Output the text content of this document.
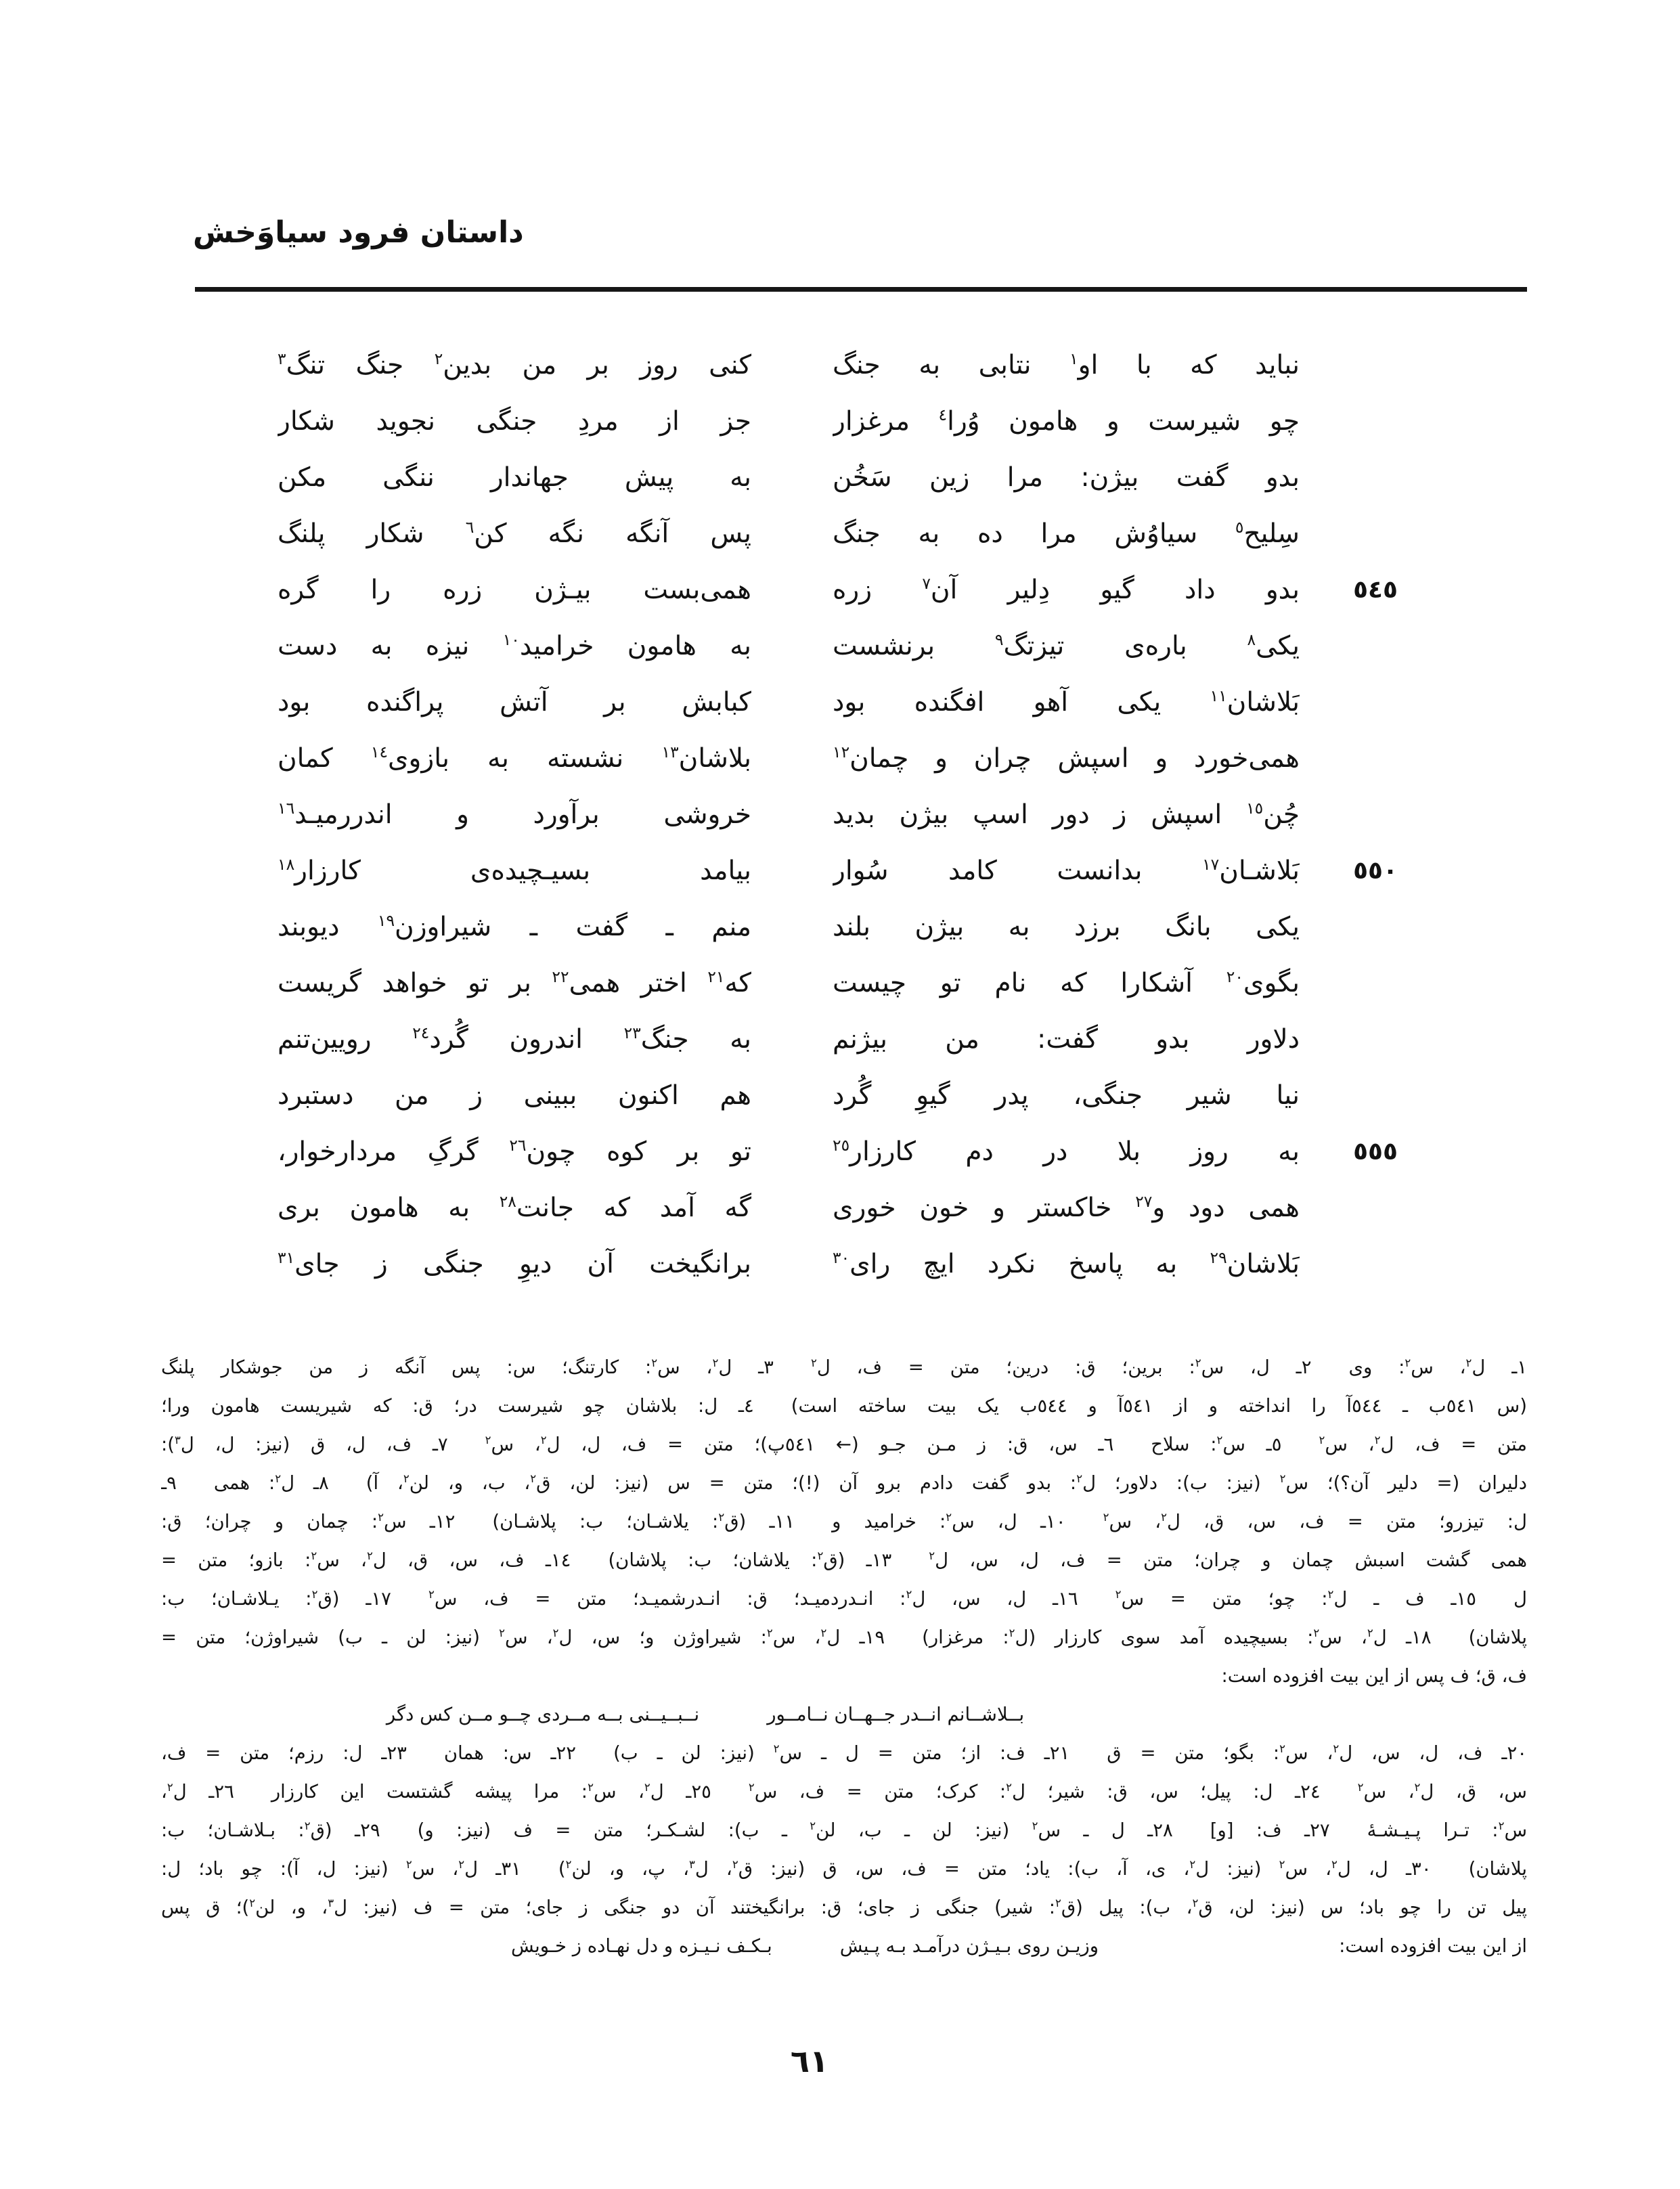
داستان فرود سیاوَخش
نباید که با او$^١$ نتابی به جنگ
کنی روز بر من بدین$^٢$ جنگ تنگ$^٣$
چو شیرست و هامون وُرا$^٤$ مرغزار
جز از مردِ جنگی نجوید شکار
بدو گفت بیژن: مرا زین سَخُن
به پیش جهاندار ننگی مکن
سِلیح$^٥$ سیاوُش مرا ده به جنگ
پس آنگه نگه کن$^٦$ شکار پلنگ
٥٤٥
بدو داد گیو دِلیر آن$^٧$ زره
همی‌بست بیـژن زره را گره
یکی$^٨$ باره‌ی تیزتگ$^٩$ برنشست
به هامون خرامید$^{١٠}$ نیزه به دست
بَلاشان$^{١١}$ یکی آهو افگنده بود
کبابش بر آتش پراگنده بود
همی‌خورد و اسپش چران و چمان$^{١٢}$
بلاشان$^{١٣}$ نشسته به بازوی$^{١٤}$ کمان
چُن$^{١٥}$ اسپش ز دور اسپ بیژن بدید
خروشی برآورد و اندررمیـد$^{١٦}$
٥٥٠
بَلاشـان$^{١٧}$ بدانست کامد سُوار
بیامد بسیـچیده‌ی کارزار$^{١٨}$
یکی بانگ برزد به بیژن بلند
منم ـ گفت ـ شیراوزن$^{١٩}$ دیوبند
بگوی$^{٢٠}$ آشکارا که نام تو چیست
که$^{٢١}$ اختر همی$^{٢٢}$ بر تو خواهد گریست
دلاور بدو گفت: من بیژنم
به جنگ$^{٢٣}$ اندرون گُرد$^{٢٤}$ رویین‌تنم
نیا شیر جنگی، پدر گیوِ گُرد
هم اکنون ببینی ز من دستبرد
٥٥٥
به روز بلا در دم کارزار$^{٢٥}$
تو بر کوه چون$^{٢٦}$ گرگِ مردارخوار،
همی دود و$^{٢٧}$ خاکستر و خون خوری
گه آمد که جانت$^{٢٨}$ به هامون بری
بَلاشان$^{٢٩}$ به پاسخ نکرد ایچ رای$^{٣٠}$
برانگیخت آن دیوِ جنگی ز جای$^{٣١}$
١ـ ل$^٢$، س$^٢$: وی  ٢ـ ل، س$^٢$: برین؛ ق: درین؛ متن = ف، ل$^٢$  ٣ـ ل$^٢$، س$^٢$: کارتنگ؛ س: پس آنگه ز من جوشکار پلنگ
(س ٥٤١ب ـ ٥٤٤آ را انداخته و از ٥٤١آ و ٥٤٤ب یک بیت ساخته است)  ٤ـ ل: بلاشان چو شیرست در؛ ق: که شیریست هامون ورا؛
متن = ف، ل$^٢$، س$^٢$  ٥ـ س$^٢$: سلاح  ٦ـ س، ق: ز مـن جـو (← ٥٤١پ)؛ متن = ف، ل، ل$^٢$، س$^٢$  ٧ـ ف، ل، ق (نیز: ل، ل$^٣$):
دلیران (= دلیر آن؟)؛ س$^٢$ (نیز: ب): دلاور؛ ل$^٢$: بدو گفت دادم برو آن (!)؛ متن = س (نیز: لن، ق$^٢$، ب، و، لن$^٢$، آ)  ٨ـ ل$^٢$: همی  ٩ـ
ل: تیزرو؛ متن = ف، س، ق، ل$^٢$، س$^٢$  ١٠ـ ل، س$^٢$: خرامید و  ١١ـ (ق$^٢$: یلاشـان؛ ب: پلاشـان)  ١٢ـ س$^٢$: چمان و چران؛ ق:
همی گشت اسبش چمان و چران؛ متن = ف، ل، س، ل$^٢$  ١٣ـ (ق$^٢$: یلاشان؛ ب: پلاشان)  ١٤ـ ف، س، ق، ل$^٢$، س$^٢$: بازو؛ متن =
ل  ١٥ـ ف ـ ل$^٢$: چو؛ متن = س$^٢$  ١٦ـ ل، س، ل$^٢$: انـدردمیـد؛ ق: انـدرشمیـد؛ متن = ف، س$^٢$  ١٧ـ (ق$^٢$: یـلاشـان؛ ب:
پلاشان)  ١٨ـ ل$^٢$، س$^٢$: بسیچیده آمد سوی کارزار (ل$^٢$: مرغزار)  ١٩ـ ل$^٢$، س$^٢$: شیراوژن و؛ س، ل$^٢$، س$^٢$ (نیز: لن ـ ب) شیراوژن؛ متن =
ف، ق؛ ف پس از این بیت افزوده است:
بــلاشــانم انــدر جــهــان نــامــور
نــبــیــنی بــه مــردی چــو مــن کس دگر
٢٠ـ ف، ل، س، ل$^٢$، س$^٢$: بگو؛ متن = ق  ٢١ـ ف: از؛ متن = ل ـ س$^٢$ (نیز: لن ـ ب)  ٢٢ـ س: همان  ٢٣ـ ل: رزم؛ متن = ف،
س، ق، ل$^٢$، س$^٢$  ٢٤ـ ل: پیل؛ س، ق: شیر؛ ل$^٢$: کرک؛ متن = ف، س$^٢$  ٢٥ـ ل$^٢$، س$^٢$: مرا پیشه گشتست این کارزار  ٢٦ـ ل$^٢$،
س$^٢$: تـرا پـیـشـۀ  ٢٧ـ ف: [و]  ٢٨ـ ل ـ س$^٢$ (نیز: لن ـ ب، لن$^٢$ ـ ب): لشـکـر؛ متن = ف (نیز: و)  ٢٩ـ (ق$^٢$: بـلاشـان؛ ب:
پلاشان)  ٣٠ـ ل، ل$^٢$، س$^٢$ (نیز: ل$^٢$، ی، آ، ب): یاد؛ متن = ف، س، ق (نیز: ق$^٢$، ل$^٣$، پ، و، لن$^٢$)  ٣١ـ ل$^٢$، س$^٢$ (نیز: ل، آ): چو باد؛ ل:
پیل تن را چو باد؛ س (نیز: لن، ق$^٢$، ب): پیل (ق$^٢$: شیر) جنگی ز جای؛ ق: برانگیختند آن دو جنگی ز جای؛ متن = ف (نیز: ل$^٣$، و، لن$^٢$)؛ ق پس
از این بیت افزوده است:
وزیـن روی بـیـژن درآمـد بـه پـیش
بـکـف نـیـزه و دل نهـاده ز خـویش
٦١
